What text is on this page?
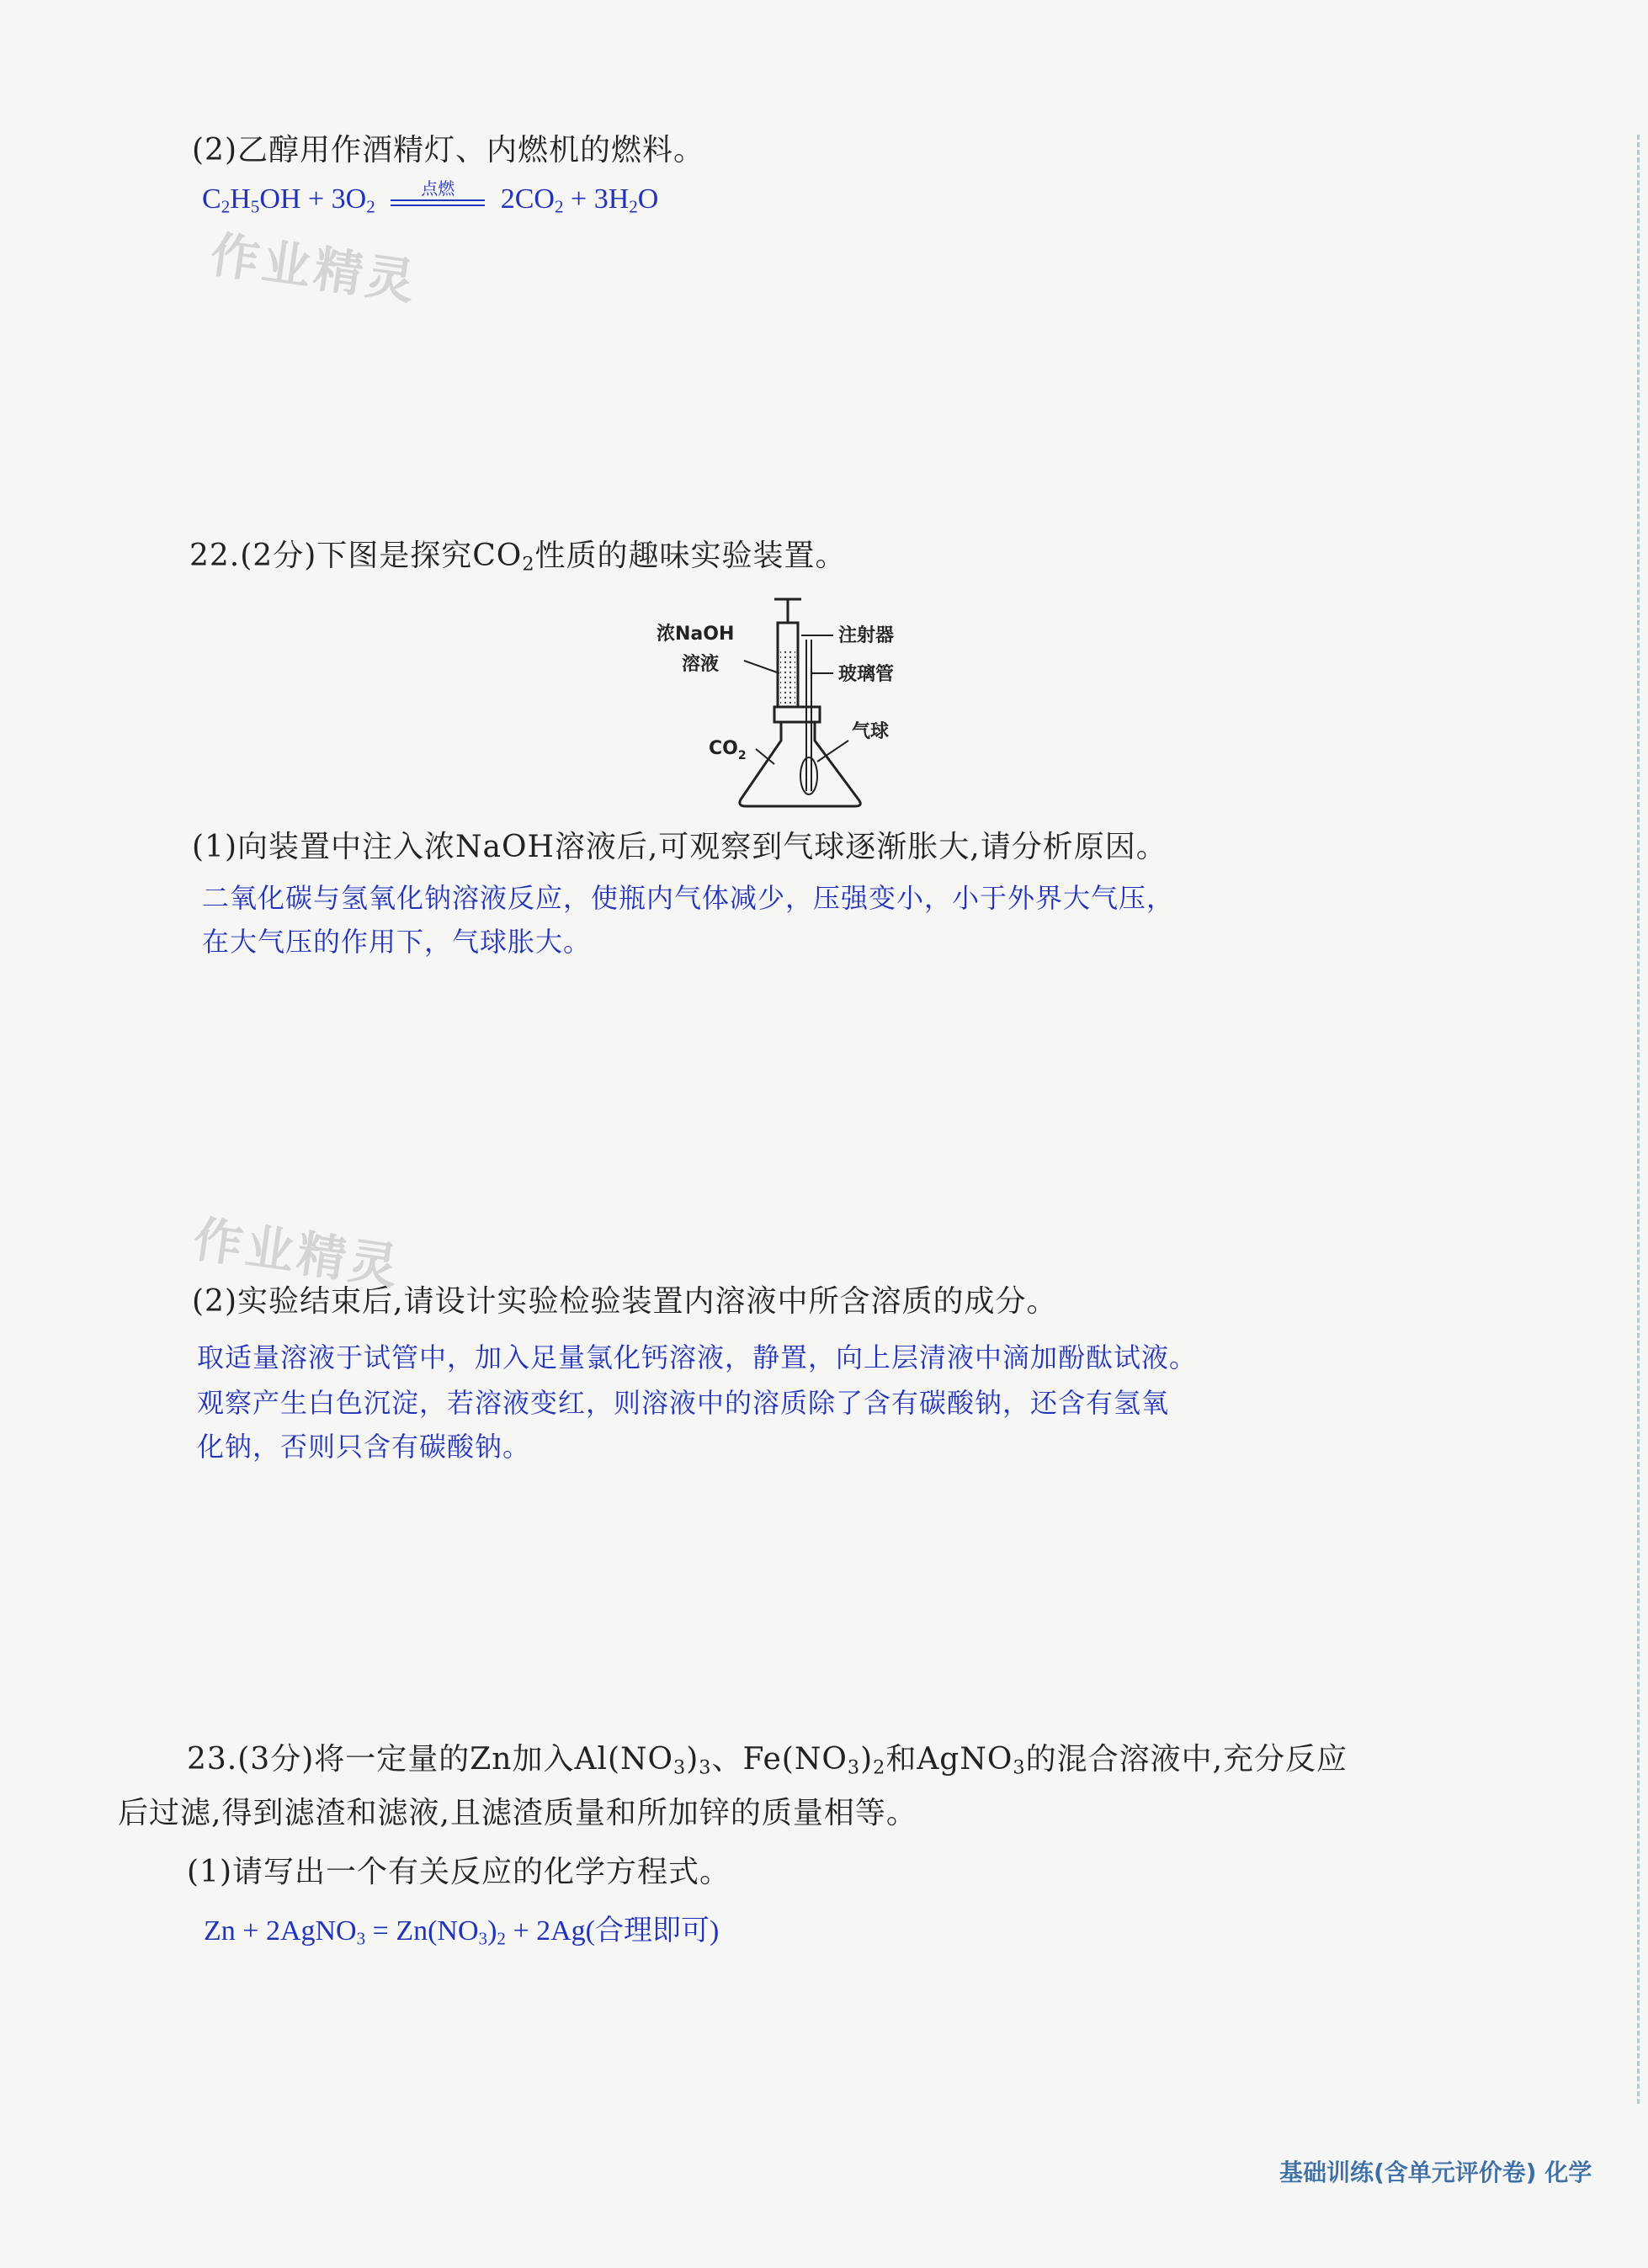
(2)乙醇用作酒精灯、内燃机的燃料。
$C_2H_5OH + 3O_2$
点燃	$2CO_2 + 3H_2O$
作业精灵
22.(2分)下图是探究$CO_2$性质的趣味实验装置。
浓NaOH
溶液
注射器
玻璃管
气球
$CO_2$
(1)向装置中注入浓NaOH溶液后,可观察到气球逐渐胀大,请分析原因。
二氧化碳与氢氧化钠溶液反应，使瓶内气体减少，压强变小，小于外界大气压，
在大气压的作用下，气球胀大。
作业精灵
(2)实验结束后,请设计实验检验装置内溶液中所含溶质的成分。
取适量溶液于试管中，加入足量氯化钙溶液，静置，向上层清液中滴加酚酞试液。
观察产生白色沉淀，若溶液变红，则溶液中的溶质除了含有碳酸钠，还含有氢氧
化钠，否则只含有碳酸钠。
23.(3分)将一定量的Zn加入$Al(NO_3)_3$、$Fe(NO_3)_2$和AgNO$_3$的混合溶液中,充分反应
后过滤,得到滤渣和滤液,且滤渣质量和所加锌的质量相等。
(1)请写出一个有关反应的化学方程式。
Zn + 2AgNO$_3$ = $Zn(NO_3)_2 + 2Ag$(合理即可)
基础训练(含单元评价卷) 化学
